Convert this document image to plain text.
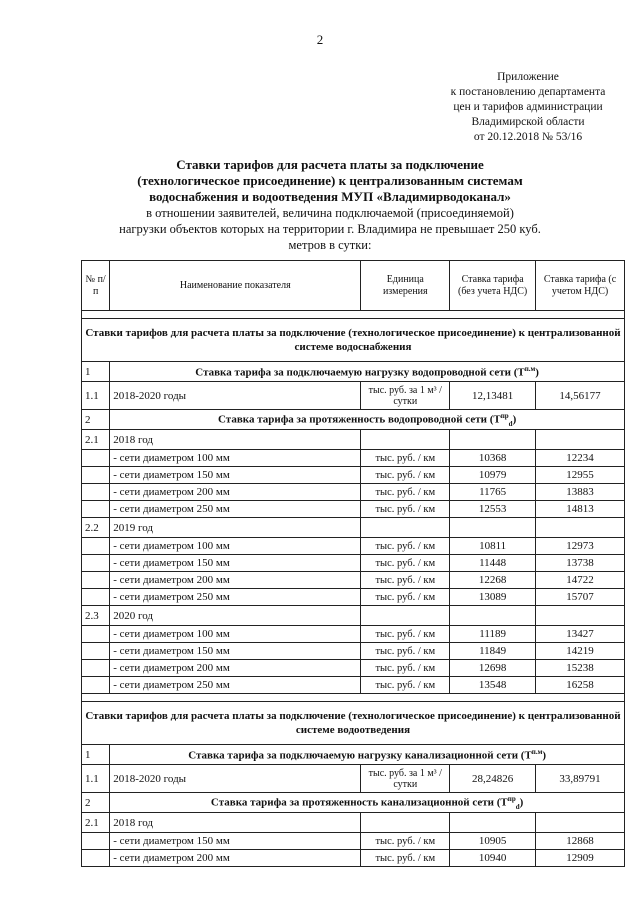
2
Приложение
к постановлению департамента
цен и тарифов администрации
Владимирской области
от 20.12.2018 № 53/16
Ставки тарифов для расчета платы за подключение
(технологическое присоединение) к централизованным системам
водоснабжения и водоотведения МУП «Владимирводоканал»
в отношении заявителей, величина подключаемой (присоединяемой)
нагрузки объектов которых на территории г. Владимира не превышает 250 куб.
метров в сутки:
№ п/п	Наименование показателя	Единица измерения	Ставка тарифа (без учета НДС)	Ставка тарифа (с учетом НДС)

Ставки тарифов для расчета платы за подключение (технологическое присоединение) к централизованной системе водоснабжения				
1	Ставка тарифа за подключаемую нагрузку водопроводной сети $(Т^{п.м})$			
1.1	2018-2020 годы	тыс. руб. за 1 м³ / сутки	12,13481	14,56177
2	Ставка тарифа за протяженность водопроводной сети $(Т^{пр}_d)$			
2.1	2018 год			
	- сети диаметром 100 мм	тыс. руб. / км	10368	12234
	- сети диаметром 150 мм	тыс. руб. / км	10979	12955
	- сети диаметром 200 мм	тыс. руб. / км	11765	13883
	- сети диаметром 250 мм	тыс. руб. / км	12553	14813
2.2	2019 год			
	- сети диаметром 100 мм	тыс. руб. / км	10811	12973
	- сети диаметром 150 мм	тыс. руб. / км	11448	13738
	- сети диаметром 200 мм	тыс. руб. / км	12268	14722
	- сети диаметром 250 мм	тыс. руб. / км	13089	15707
2.3	2020 год			
	- сети диаметром 100 мм	тыс. руб. / км	11189	13427
	- сети диаметром 150 мм	тыс. руб. / км	11849	14219
	- сети диаметром 200 мм	тыс. руб. / км	12698	15238
	- сети диаметром 250 мм	тыс. руб. / км	13548	16258

Ставки тарифов для расчета платы за подключение (технологическое присоединение) к централизованной системе водоотведения				
1	Ставка тарифа за подключаемую нагрузку канализационной сети $(Т^{п.м})$			
1.1	2018-2020 годы	тыс. руб. за 1 м³ / сутки	28,24826	33,89791
2	Ставка тарифа за протяженность канализационной сети $(Т^{пр}_d)$			
2.1	2018 год			
	- сети диаметром 150 мм	тыс. руб. / км	10905	12868
	- сети диаметром 200 мм	тыс. руб. / км	10940	12909
